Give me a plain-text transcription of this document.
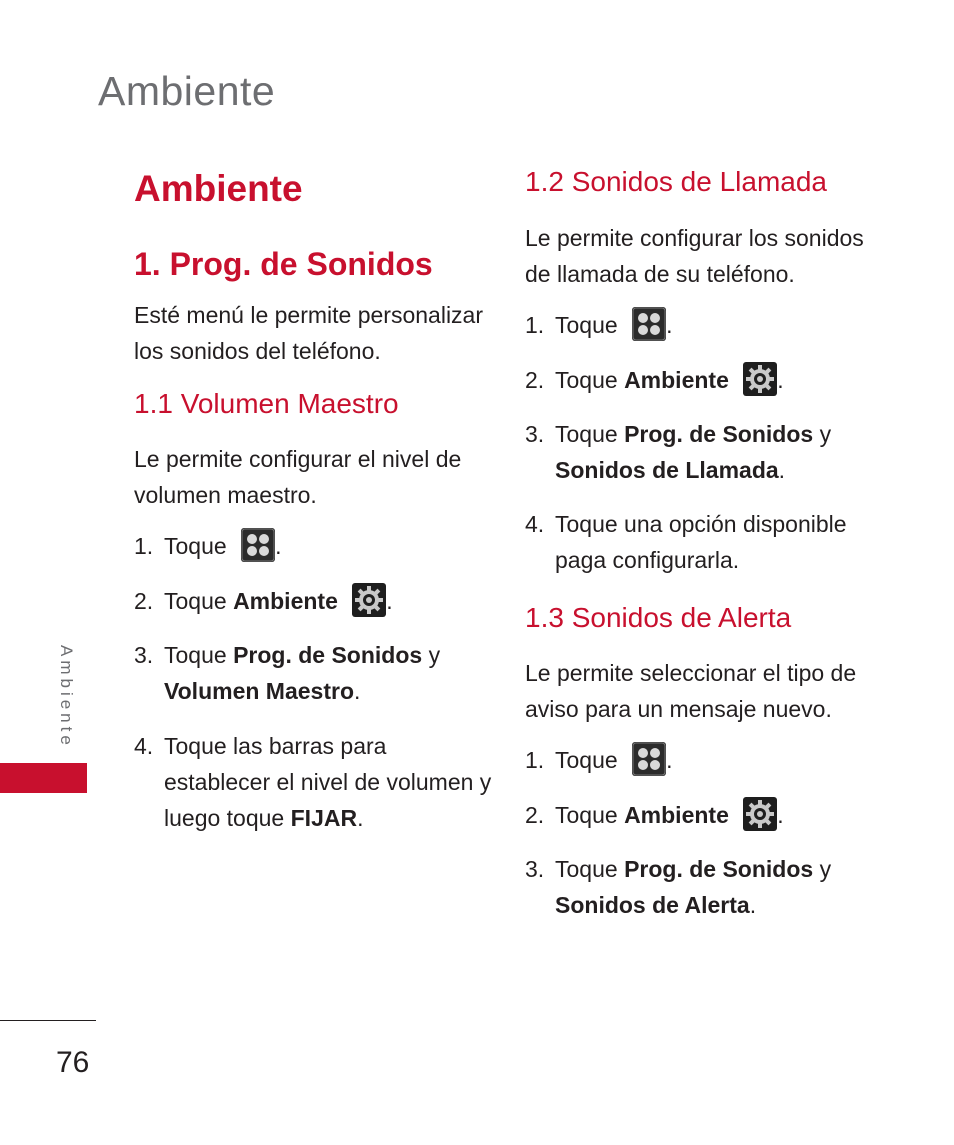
Ambiente
Ambiente
1. Prog. de Sonidos
Esté menú le permite personalizar los sonidos del teléfono.
1.1 Volumen Maestro
Le permite configurar el nivel de volumen maestro.
1. Toque .
2. Toque Ambiente .
3. Toque Prog. de Sonidos y
Volumen Maestro.
4. Toque las barras para establecer el nivel de volumen y luego toque FIJAR.
1.2 Sonidos de Llamada
Le permite configurar los sonidos de llamada de su teléfono.
1. Toque .
2. Toque Ambiente .
3. Toque Prog. de Sonidos y
Sonidos de Llamada.
4. Toque una opción disponible paga configurarla.
1.3 Sonidos de Alerta
Le permite seleccionar el tipo de aviso para un mensaje nuevo.
1. Toque .
2. Toque Ambiente .
3. Toque Prog. de Sonidos y
Sonidos de Alerta.
Ambiente
76
